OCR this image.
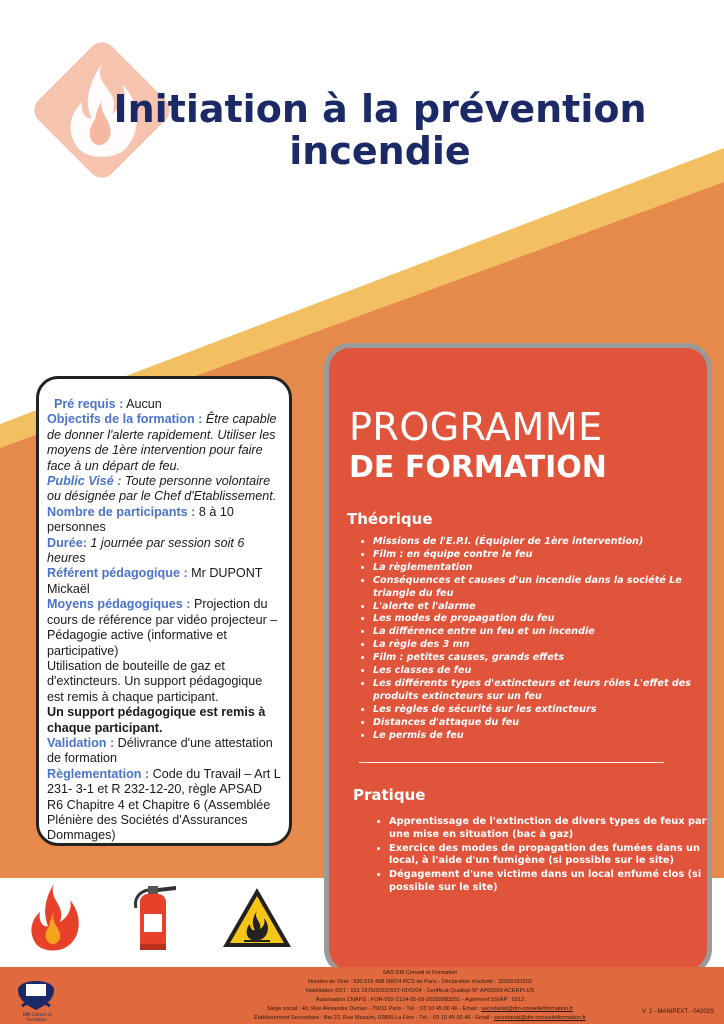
Initiation à la prévention
incendie

Pré requis : Aucun

Objectifs de la formation : Être capable de donner l'alerte rapidement. Utiliser les moyens de 1ère intervention pour faire face à un départ de feu.

Public Visé : Toute personne volontaire ou désignée par le Chef d'Etablissement.

Nombre de participants : 8 à 10 personnes

Durée: 1 journée par session soit 6 heures

Référent pédagogique : Mr DUPONT Mickaël

Moyens pédagogiques : Projection du cours de référence par vidéo projecteur – Pédagogie active (informative et participative)

Utilisation de bouteille de gaz et d'extincteurs. Un support pédagogique est remis à chaque participant.

Un support pédagogique est remis à chaque participant.

Validation : Délivrance d'une attestation de formation

Règlementation : Code du Travail – Art L 231- 3-1 et R 232-12-20, règle APSAD R6 Chapitre 4 et Chapitre 6 (Assemblée Plénière des Sociétés d'Assurances Dommages)

PROGRAMME
DE FORMATION
Théorique
• Missions de l'E.P.I. (Équipier de 1ère intervention)
• Film : en équipe contre le feu
• La règlementation
• Conséquences et causes d'un incendie dans la société Le triangle du feu
• L'alerte et l'alarme
• Les modes de propagation du feu
• La différence entre un feu et un incendie
• La règle des 3 mn
• Film : petites causes, grands effets
• Les classes de feu
• Les différents types d'extincteurs et leurs rôles L'effet des produits extincteurs sur un feu
• Les règles de sécurité sur les extincteurs
• Distances d'attaque du feu
• Le permis de feu
Pratique
• Apprentissage de l'extinction de divers types de feux par une mise en situation (bac à gaz)
• Exercice des modes de propagation des fumées dans un local, à l'aide d'un fumigène (si possible sur le site)
• Dégagement d'une victime dans un local enfumé clos (si possible sur le site)
DMI Conseil et Formation
SAS DM Conseil et Formation
Numéro de Siret : 930 016 498 00014 RCS de Paris - Déclaration d'activité : 32020181502
Habilitation SST : 151 1976/2022/SST-01/O/04 - Certificat Qualiopi N° AP00003 ACERPLUS
Autorisation CNAPS : FOR-002-2124-05-09-20250983251 - Agrément SSIAP : 0212
Siège social : 40, Rue Alexandre Dumas - 75011 Paris - Tél. : 03 10 45 00 46 - Email : secretariat@dm-conseiletformation.fr
Établissement Secondaire : Bat 22, Rue Mazarin, 02800 La Fère - Tél. : 03 10 45 00 46 - Email : secretariat@dm-conseiletformation.fr
V. 2 - MANIPEXT - 04202S
